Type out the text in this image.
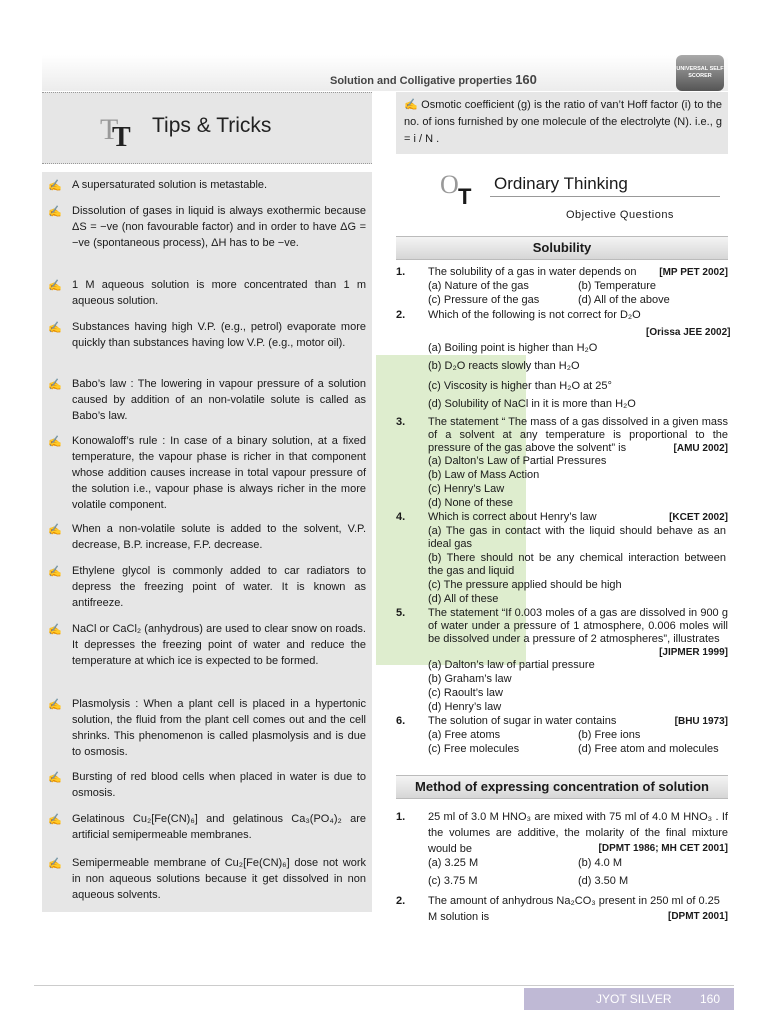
Solution and Colligative properties 160
UNIVERSAL SELF SCORER
T
T Tips & Tricks
✍ A supersaturated solution is metastable.
✍ Dissolution of gases in liquid is always exothermic because ΔS = −ve (non favourable factor) and in order to have ΔG = −ve (spontaneous process), ΔH has to be −ve.
✍ 1 M aqueous solution is more concentrated than 1 m aqueous solution.
✍ Substances having high V.P. (e.g., petrol) evaporate more quickly than substances having low V.P. (e.g., motor oil).
✍ Babo’s law : The lowering in vapour pressure of a solution caused by addition of an non-volatile solute is called as Babo’s law.
✍ Konowaloff’s rule : In case of a binary solution, at a fixed temperature, the vapour phase is richer in that component whose addition causes increase in total vapour pressure of the solution i.e., vapour phase is always richer in the more volatile component.
✍ When a non-volatile solute is added to the solvent, V.P. decrease, B.P. increase, F.P. decrease.
✍ Ethylene glycol is commonly added to car radiators to depress the freezing point of water. It is known as antifreeze.
✍ NaCl or CaCl₂ (anhydrous) are used to clear snow on roads. It depresses the freezing point of water and reduce the temperature at which ice is expected to be formed.
✍ Plasmolysis : When a plant cell is placed in a hypertonic solution, the fluid from the plant cell comes out and the cell shrinks. This phenomenon is called plasmolysis and is due to osmosis.
✍ Bursting of red blood cells when placed in water is due to osmosis.
✍ Gelatinous Cu₂[Fe(CN)₆] and gelatinous Ca₃(PO₄)₂ are artificial semipermeable membranes.
✍ Semipermeable membrane of Cu₂[Fe(CN)₆] dose not work in non aqueous solutions because it get dissolved in non aqueous solvents.
✍ Osmotic coefficient (g) is the ratio of van’t Hoff factor (i) to the no. of ions furnished by one molecule of the electrolyte (N). i.e., g = i / N .
O T
Ordinary Thinking
Objective Questions
Solubility
1. The solubility of a gas in water depends on [MP PET 2002]
(a) Nature of the gas	(b) Temperature
(c) Pressure of the gas	(d) All of the above
2. Which of the following is not correct for D₂O
[Orissa JEE 2002]
(a) Boiling point is higher than H₂O
(b) D₂O reacts slowly than H₂O
(c) Viscosity is higher than H₂O at 25°
(d) Solubility of NaCl in it is more than H₂O
3. The statement “ The mass of a gas dissolved in a given mass of a solvent at any temperature is proportional to the pressure of the gas above the solvent” is	[AMU 2002]
(a) Dalton’s Law of Partial Pressures
(b) Law of Mass Action
(c) Henry’s Law
(d) None of these
4. Which is correct about Henry’s law	[KCET 2002]
(a) The gas in contact with the liquid should behave as an ideal gas
(b) There should not be any chemical interaction between the gas and liquid
(c) The pressure applied should be high
(d) All of these
5. The statement “If 0.003 moles of a gas are dissolved in 900 g of water under a pressure of 1 atmosphere, 0.006 moles will be dissolved under a pressure of 2 atmospheres”, illustrates
[JIPMER 1999]
(a) Dalton’s law of partial pressure
(b) Graham’s law
(c) Raoult’s law
(d) Henry’s law
6. The solution of sugar in water contains	[BHU 1973]
(a) Free atoms	(b) Free ions
(c) Free molecules	(d) Free atom and molecules
Method of expressing concentration of solution
1. 25 ml of 3.0 M HNO₃ are mixed with 75 ml of 4.0 M HNO₃ . If the volumes are additive, the molarity of the final mixture would be	[DPMT 1986; MH CET 2001]
(a) 3.25 M	(b) 4.0 M
(c) 3.75 M	(d) 3.50 M
2. The amount of anhydrous Na₂CO₃ present in 250 ml of 0.25 M solution is	[DPMT 2001]
JYOT SILVER 160
